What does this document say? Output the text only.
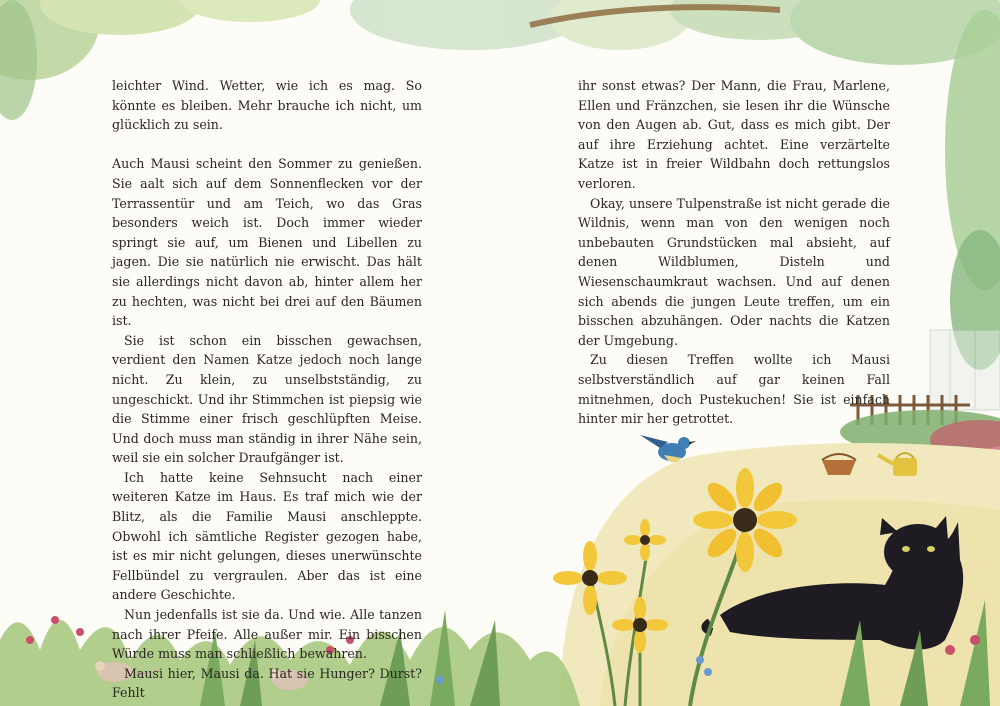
leichter Wind. Wetter, wie ich es mag. So könnte es bleiben. Mehr brauche ich nicht, um glücklich zu sein.

Auch Mausi scheint den Sommer zu genießen. Sie aalt sich auf dem Sonnenflecken vor der Terrassentür und am Teich, wo das Gras besonders weich ist. Doch immer wieder springt sie auf, um Bienen und Libellen zu jagen. Die sie natürlich nie erwischt. Das hält sie allerdings nicht davon ab, hinter allem her zu hechten, was nicht bei drei auf den Bäumen ist.

Sie ist schon ein bisschen gewachsen, verdient den Namen Katze jedoch noch lange nicht. Zu klein, zu unselbstständig, zu ungeschickt. Und ihr Stimmchen ist piepsig wie die Stimme einer frisch geschlüpften Meise. Und doch muss man ständig in ihrer Nähe sein, weil sie ein solcher Draufgänger ist.

Ich hatte keine Sehnsucht nach einer weiteren Katze im Haus. Es traf mich wie der Blitz, als die Familie Mausi anschleppte. Obwohl ich sämtliche Register gezogen habe, ist es mir nicht gelungen, dieses unerwünschte Fellbündel zu vergraulen. Aber das ist eine andere Geschichte.

Nun jedenfalls ist sie da. Und wie. Alle tanzen nach ihrer Pfeife. Alle außer mir. Ein bisschen Würde muss man schließlich bewahren.

Mausi hier, Mausi da. Hat sie Hunger? Durst? Fehlt

ihr sonst etwas? Der Mann, die Frau, Marlene, Ellen und Fränzchen, sie lesen ihr die Wünsche von den Augen ab. Gut, dass es mich gibt. Der auf ihre Erziehung achtet. Eine verzärtelte Katze ist in freier Wildbahn doch rettungslos verloren.

Okay, unsere Tulpenstraße ist nicht gerade die Wildnis, wenn man von den wenigen noch unbebauten Grundstücken mal absieht, auf denen Wildblumen, Disteln und Wiesenschaumkraut wachsen. Und auf denen sich abends die jungen Leute treffen, um ein bisschen abzuhängen. Oder nachts die Katzen der Umgebung.

Zu diesen Treffen wollte ich Mausi selbstverständlich auf gar keinen Fall mitnehmen, doch Pustekuchen! Sie ist einfach hinter mir her getrottet.
